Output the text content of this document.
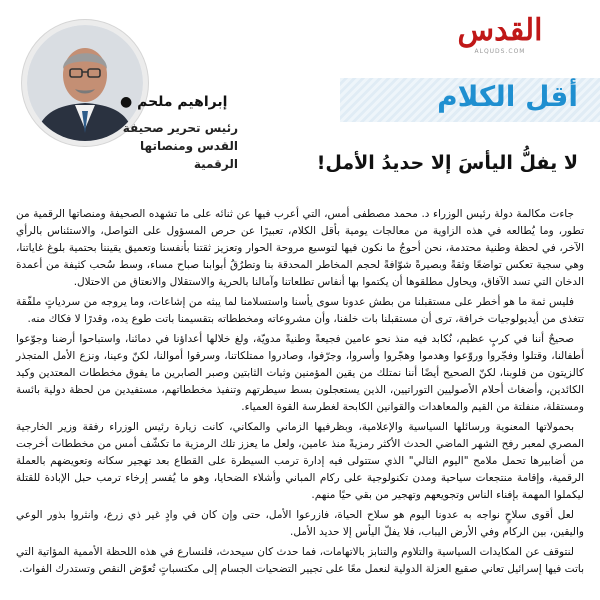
إبراهيم ملحم ●
رئيس تحرير صحيفة القدس ومنصاتها الرقمية
القدس
ALQUDS.COM
أقل الكلام
لا يفلُّ اليأسَ إلا حديدُ الأمل!

جاءت مكالمة دولة رئيس الوزراء د. محمد مصطفى أمس، التي أعرب فيها عن ثنائه على ما تشهده الصحيفة ومنصاتها الرقمية من تطور، وما يُطالعه في هذه الزاوية من معالجات يومية بأقل الكلام، تعبيرًا عن حرص المسؤول على التواصل، والاستئناس بالرأي الآخر، في لحظة وطنية محتدمة، نحن أحوجُ ما نكون فيها لتوسيع مروحة الحوار وتعزيز ثقتنا بأنفسنا وتعميق يقيننا بحتمية بلوغ غاياتنا، وهي سجية تعكس تواضعًا وثقةً وبصيرةً شوّافةً لحجم المخاطر المحدقة بنا وتطرُقُ أبوابنا صباح مساء، وسط سُحب كثيفة من أعمدة الدخان التي تسد الآفاق، ويحاول مطلقوها أن يكتموا بها أنفاس تطلعاتنا وآمالنا بالحرية والاستقلال والانعتاق من الاحتلال.

فليس ثمة ما هو أخطر على مستقبلنا من بطش عدونا سوى يأسنا واستسلامنا لما يبثه من إشاعات، وما يروجه من سردياتٍ ملفّقة تتغذى من أيديولوجيات خرافة، ترى أن مستقبلنا بات خلفنا، وأن مشروعاته ومخططاته بتقسيمنا باتت طوع يده، وقدرًا لا فكاك منه.

صحيحٌ أننا في كربٍ عظيم، نُكابد فيه منذ نحو عامين فجيعةً وطنيةً مدويّة، ولغ خلالها أعداؤنا في دمائنا، واستباحوا أرضنا وجوّعوا أطفالنا، وقتلوا وفجّروا وروّعوا وهدموا وهجّروا وأسروا، وجرّفوا، وصادروا ممتلكاتنا، وسرقوا أموالنا، لكنّ وعينا، ونزع الأمل المتجذر كالزيتون من قلوبنا، لكنّ الصحيح أيضًا أننا نمتلك من يقين المؤمنين وثبات الثابتين وصبر الصابرين ما يفوق مخططات المعتدين وكيد الكائدين، وأضغاث أحلام الأصوليين التوراتيين، الذين يستعجلون بسط سيطرتهم وتنفيذ مخططاتهم، مستفيدين من لحظة دولية بائسة ومستقلة، منفلتة من القيم والمعاهدات والقوانين الكابحة لغطرسة القوة العمياء.

بحمولاتها المعنوية ورسائلها السياسية والإعلامية، وبظرفيها الزماني والمكاني، كانت زيارة رئيس الوزراء رفقة وزير الخارجية المصري لمعبر رفح الشهر الماضي الحدث الأكثر رمزيةً منذ عامين، ولعل ما يعزز تلك الرمزية ما تكشّف أمس من مخططات أخرجت من أضابيرها تحمل ملامح "اليوم التالي" الذي ستتولى فيه إدارة ترمب السيطرة على القطاع بعد تهجير سكانه وتعويضهم بالعملة الرقمية، وإقامة منتجعات سياحية ومدن تكنولوجية على ركام المباني وأشلاء الضحايا، وهو ما يُفسر إرخاء ترمب حبل الإبادة للقتلة ليكملوا المهمة بإفناء الناس وتجويعهم وتهجير من بقي حيًا منهم.

لعل أقوى سلاحٍ نواجه به عدونا اليوم هو سلاح الحياة، فازرعوا الأمل، حتى وإن كان في وادٍ غير ذي زرع، وانثروا بذور الوعي واليقين، بين الركام وفي الأرض اليباب، فلا يفلّ اليأس إلا حديد الأمل.

لنتوقف عن المكايدات السياسية والتلاوم والتنابز بالاتهامات، فما حدث كان سيحدث، فلنسارع في هذه اللحظة الأممية المؤاتية التي باتت فيها إسرائيل تعاني صقيع العزلة الدولية لنعمل معًا على تجيير التضحيات الجسام إلى مكتسباتٍ تُعوّض النقص وتستدرك الفوات.
